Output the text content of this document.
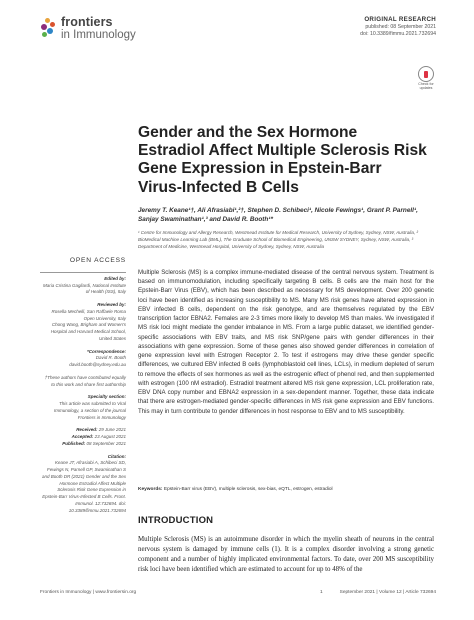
frontiers
in Immunology
ORIGINAL RESEARCH
published: 08 September 2021
doi: 10.3389/fimmu.2021.732694
Check for updates
Gender and the Sex Hormone Estradiol Affect Multiple Sclerosis Risk Gene Expression in Epstein-Barr Virus-Infected B Cells
Jeremy T. Keane¹†, Ali Afrasiabi¹,²†, Stephen D. Schibeci¹, Nicole Fewings¹, Grant P. Parnell¹, Sanjay Swaminathan¹,³ and David R. Booth¹*
¹ Centre for Immunology and Allergy Research, Westmead Institute for Medical Research, University of Sydney, Sydney, NSW, Australia, ² BioMedical Machine Learning Lab (BML), The Graduate School of Biomedical Engineering, UNSW SYDNEY, Sydney, NSW, Australia, ³ Department of Medicine, Westmead Hospital, University of Sydney, Sydney, NSW, Australia
OPEN ACCESS
Edited by:
Maria Cristina Gagliardi, National Institute of Health (ISS), Italy
Reviewed by:
Rosella Mechelli, San Raffaele Roma Open University, Italy
Chong Wang, Brigham and Women’s Hospital and Harvard Medical School, United States
*Correspondence:
David R. Booth
david.booth@sydney.edu.au
†These authors have contributed equally to this work and share first authorship
Specialty section:
This article was submitted to Viral Immunology, a section of the journal Frontiers in Immunology
Received: 29 June 2021
Accepted: 23 August 2021
Published: 08 September 2021
Citation:
Keane JT, Afrasiabi A, Schibeci SD, Fewings N, Parnell GP, Swaminathan S and Booth DR (2021) Gender and the Sex Hormone Estradiol Affect Multiple Sclerosis Risk Gene Expression in Epstein-Barr Virus-Infected B Cells. Front. Immunol. 12:732694. doi: 10.3389/fimmu.2021.732694

Multiple Sclerosis (MS) is a complex immune-mediated disease of the central nervous system. Treatment is based on immunomodulation, including specifically targeting B cells. B cells are the main host for the Epstein-Barr Virus (EBV), which has been described as necessary for MS development. Over 200 genetic loci have been identified as increasing susceptibility to MS. Many MS risk genes have altered expression in EBV infected B cells, dependent on the risk genotype, and are themselves regulated by the EBV transcription factor EBNA2. Females are 2-3 times more likely to develop MS than males. We investigated if MS risk loci might mediate the gender imbalance in MS. From a large public dataset, we identified gender-specific associations with EBV traits, and MS risk SNP/gene pairs with gender differences in their associations with gene expression. Some of these genes also showed gender differences in correlation of gene expression level with Estrogen Receptor 2. To test if estrogens may drive these gender specific differences, we cultured EBV infected B cells (lymphoblastoid cell lines, LCLs), in medium depleted of serum to remove the effects of sex hormones as well as the estrogenic effect of phenol red, and then supplemented with estrogen (100 nM estradiol). Estradiol treatment altered MS risk gene expression, LCL proliferation rate, EBV DNA copy number and EBNA2 expression in a sex-dependent manner. Together, these data indicate that there are estrogen-mediated gender-specific differences in MS risk gene expression and EBV functions. This may in turn contribute to gender differences in host response to EBV and to MS susceptibility.

Keywords: Epstein-Barr virus (EBV), multiple sclerosis, sex-bias, eQTL, estrogen, estradiol
INTRODUCTION

Multiple Sclerosis (MS) is an autoimmune disorder in which the myelin sheath of neurons in the central nervous system is damaged by immune cells (1). It is a complex disorder involving a strong genetic component and a number of highly implicated environmental factors. To date, over 200 MS susceptibility risk loci have been identified which are estimated to account for up to 48% of the

Frontiers in Immunology | www.frontiersin.org	1	September 2021 | Volume 12 | Article 732694
